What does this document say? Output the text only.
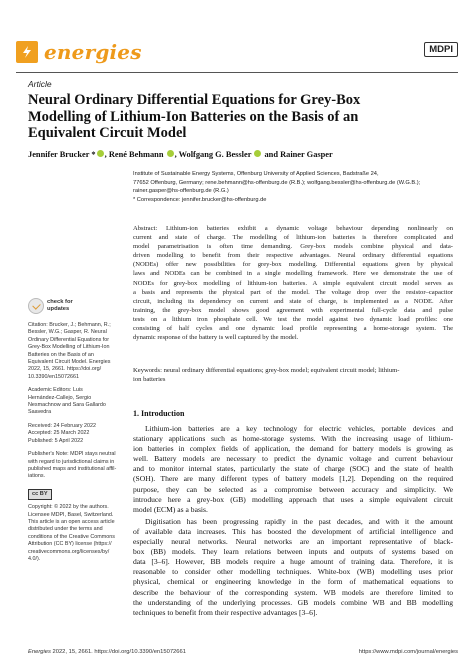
energies	MDPI
Article
Neural Ordinary Differential Equations for Grey-Box
Modelling of Lithium-Ion Batteries on the Basis of an
Equivalent Circuit Model
Jennifer Brucker * , René Behmann , Wolfgang G. Bessler and Rainer Gasper
Institute of Sustainable Energy Systems, Offenburg University of Applied Sciences, Badstraße 24,
77652 Offenburg, Germany; rene.behmann@hs-offenburg.de (R.B.); wolfgang.bessler@hs-offenburg.de (W.G.B.);
rainer.gasper@hs-offenburg.de (R.G.)
* Correspondence: jennifer.brucker@hs-offenburg.de
Abstract: Lithium-ion batteries exhibit a dynamic voltage behaviour depending nonlinearly on
current and state of charge. The modelling of lithium-ion batteries is therefore complicated and
model parametrisation is often time demanding. Grey-box models combine physical and data-
driven modelling to benefit from their respective advantages. Neural ordinary differential equations
(NODEs) offer new possibilities for grey-box modelling. Differential equations given by physical
laws and NODEs can be combined in a single modelling framework. Here we demonstrate the use of
NODEs for grey-box modelling of lithium-ion batteries. A simple equivalent circuit model serves as
a basis and represents the physical part of the model. The voltage drop over the resistor–capacitor
circuit, including its dependency on current and state of charge, is implemented as a NODE. After
training, the grey-box model shows good agreement with experimental full-cycle data and pulse
tests on a lithium iron phosphate cell. We test the model against two dynamic load profiles: one
consisting of half cycles and one dynamic load profile representing a home-storage system. The
dynamic response of the battery is well captured by the model.
Keywords: neural ordinary differential equations; grey-box model; equivalent circuit model; lithium-
ion batteries
check for
updates
Citation: Brucker, J.; Behmann, R.;
Bessler, W.G.; Gasper, R. Neural
Ordinary Differential Equations for
Grey-Box Modelling of Lithium-Ion
Batteries on the Basis of an
Equivalent Circuit Model. Energies
2022, 15, 2661. https://doi.org/
10.3390/en15072661
Academic Editors: Luis
Hernández-Callejo, Sergio
Nesmachnow and Sara Gallardo
Saavedra
Received: 24 February 2022
Accepted: 25 March 2022
Published: 5 April 2022
Publisher's Note: MDPI stays neutral
with regard to jurisdictional claims in
published maps and institutional affil-
iations.
cc BY
Copyright: © 2022 by the authors.
Licensee MDPI, Basel, Switzerland.
This article is an open access article
distributed under the terms and
conditions of the Creative Commons
Attribution (CC BY) license (https://
creativecommons.org/licenses/by/
4.0/).
1. Introduction
Lithium-ion batteries are a key technology for electric vehicles, portable devices and
stationary applications such as home-storage systems. With the increasing usage of lithium-
ion batteries in complex fields of application, the demand for battery models is growing as
well. Battery models are necessary to predict the dynamic voltage and current behaviour
and to monitor internal states, particularly the state of charge (SOC) and the state of health
(SOH). There are many different types of battery models [1,2]. Depending on the required
purpose, they can be selected as a compromise between accuracy and simplicity. We
introduce here a grey-box (GB) modelling approach that uses a simple equivalent circuit
model (ECM) as a basis.
Digitisation has been progressing rapidly in the past decades, and with it the amount
of available data increases. This has boosted the development of artificial intelligence and
especially neural networks. Neural networks are an important representative of black-
box (BB) models. They learn relations between inputs and outputs of systems based on
data [3–6]. However, BB models require a huge amount of training data. Therefore, it is
reasonable to consider other modelling techniques. White-box (WB) modelling uses prior
physical, chemical or engineering knowledge in the form of mathematical equations to
describe the behaviour of the corresponding system. WB models are therefore limited to
the understanding of the underlying processes. GB models combine WB and BB modelling
techniques to benefit from their respective advantages [3–6].
Energies 2022, 15, 2661. https://doi.org/10.3390/en15072661	https://www.mdpi.com/journal/energies
